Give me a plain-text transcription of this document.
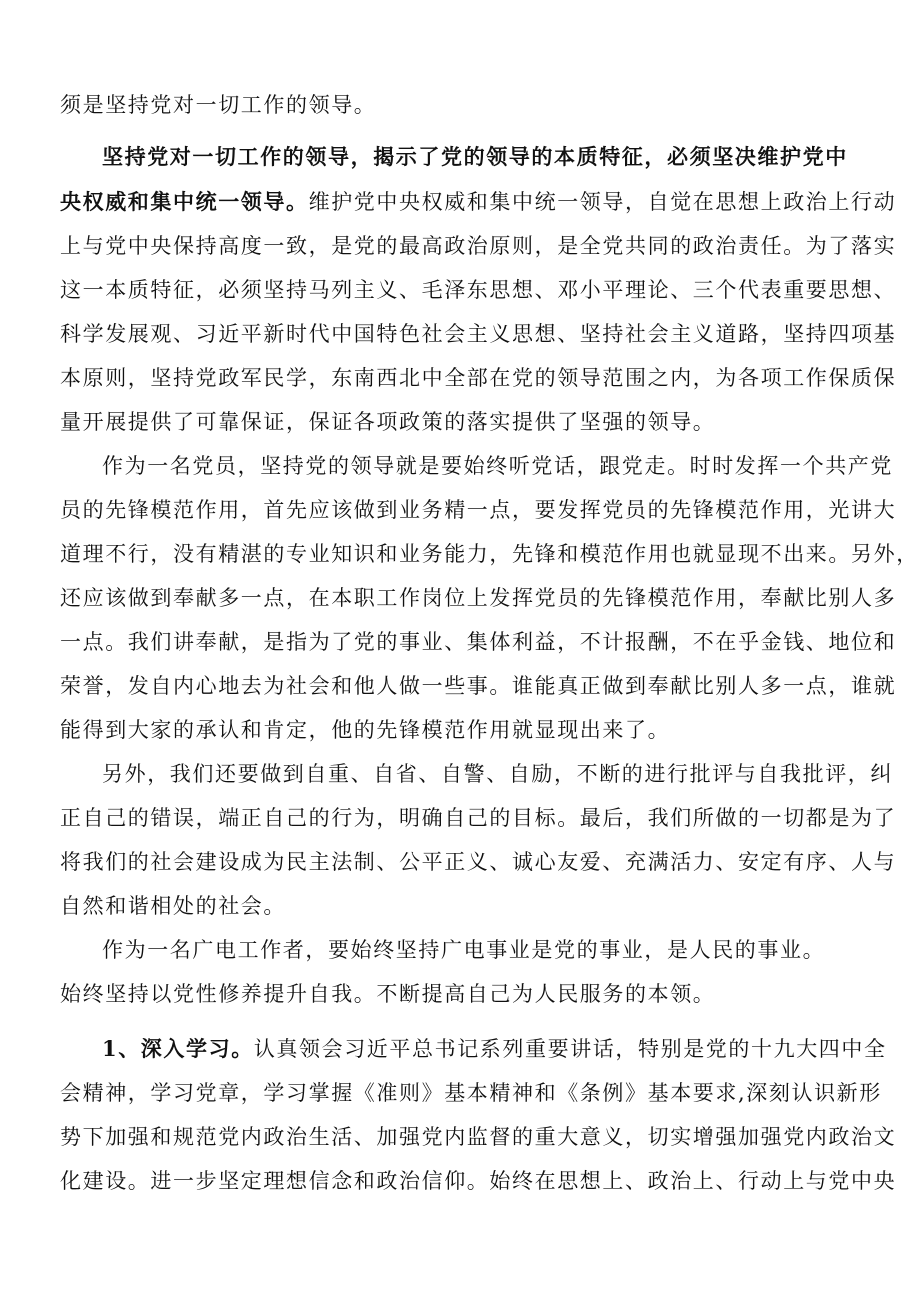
须是坚持党对一切工作的领导。
坚持党对一切工作的领导，揭示了党的领导的本质特征，必须坚决维护党中
央权威和集中统一领导。维护党中央权威和集中统一领导，自觉在思想上政治上行动
上与党中央保持高度一致，是党的最高政治原则，是全党共同的政治责任。为了落实
这一本质特征，必须坚持马列主义、毛泽东思想、邓小平理论、三个代表重要思想、
科学发展观、习近平新时代中国特色社会主义思想、坚持社会主义道路，坚持四项基
本原则，坚持党政军民学，东南西北中全部在党的领导范围之内，为各项工作保质保
量开展提供了可靠保证，保证各项政策的落实提供了坚强的领导。
作为一名党员，坚持党的领导就是要始终听党话，跟党走。时时发挥一个共产党
员的先锋模范作用，首先应该做到业务精一点，要发挥党员的先锋模范作用，光讲大
道理不行，没有精湛的专业知识和业务能力，先锋和模范作用也就显现不出来。另外，
还应该做到奉献多一点，在本职工作岗位上发挥党员的先锋模范作用，奉献比别人多
一点。我们讲奉献，是指为了党的事业、集体利益，不计报酬，不在乎金钱、地位和
荣誉，发自内心地去为社会和他人做一些事。谁能真正做到奉献比别人多一点，谁就
能得到大家的承认和肯定，他的先锋模范作用就显现出来了。
另外，我们还要做到自重、自省、自警、自励，不断的进行批评与自我批评，纠
正自己的错误，端正自己的行为，明确自己的目标。最后，我们所做的一切都是为了
将我们的社会建设成为民主法制、公平正义、诚心友爱、充满活力、安定有序、人与
自然和谐相处的社会。
作为一名广电工作者，要始终坚持广电事业是党的事业，是人民的事业。
始终坚持以党性修养提升自我。不断提高自己为人民服务的本领。
1、深入学习。认真领会习近平总书记系列重要讲话，特别是党的十九大四中全
会精神，学习党章，学习掌握《准则》基本精神和《条例》基本要求,深刻认识新形
势下加强和规范党内政治生活、加强党内监督的重大意义，切实增强加强党内政治文
化建设。进一步坚定理想信念和政治信仰。始终在思想上、政治上、行动上与党中央
